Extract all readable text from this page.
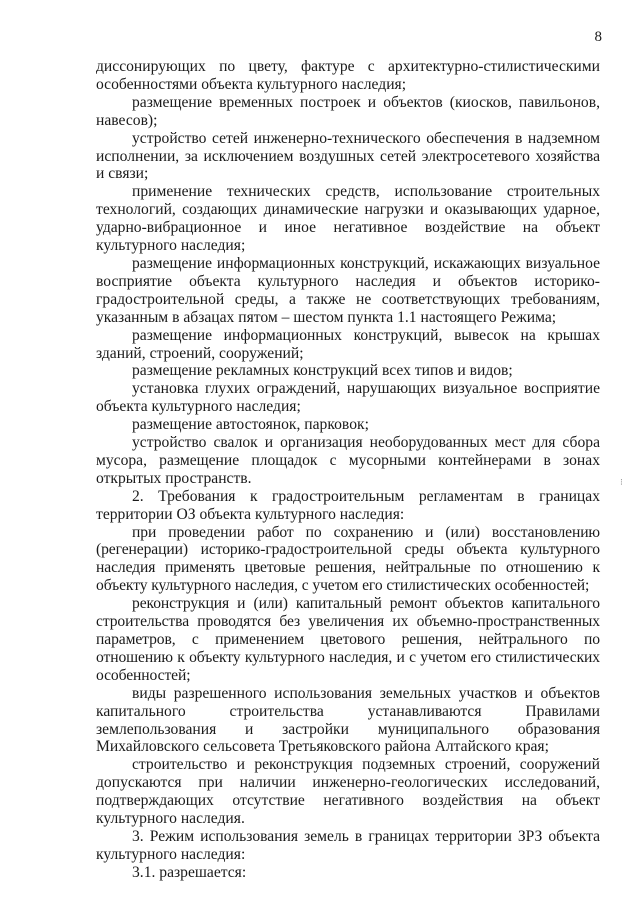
8

диссонирующих по цвету, фактуре с архитектурно-стилистическими особенностями объекта культурного наследия;

размещение временных построек и объектов (киосков, павильонов, навесов);

устройство сетей инженерно-технического обеспечения в надземном исполнении, за исключением воздушных сетей электросетевого хозяйства и связи;

применение технических средств, использование строительных технологий, создающих динамические нагрузки и оказывающих ударное, ударно-вибрационное и иное негативное воздействие на объект культурного наследия;

размещение информационных конструкций, искажающих визуальное восприятие объекта культурного наследия и объектов историко-градостроительной среды, а также не соответствующих требованиям, указанным в абзацах пятом – шестом пункта 1.1 настоящего Режима;

размещение информационных конструкций, вывесок на крышах зданий, строений, сооружений;

размещение рекламных конструкций всех типов и видов;

установка глухих ограждений, нарушающих визуальное восприятие объекта культурного наследия;

размещение автостоянок, парковок;

устройство свалок и организация необорудованных мест для сбора мусора, размещение площадок с мусорными контейнерами в зонах открытых пространств.

2. Требования к градостроительным регламентам в границах территории ОЗ объекта культурного наследия:

при проведении работ по сохранению и (или) восстановлению (регенерации) историко-градостроительной среды объекта культурного наследия применять цветовые решения, нейтральные по отношению к объекту культурного наследия, с учетом его стилистических особенностей;

реконструкция и (или) капитальный ремонт объектов капитального строительства проводятся без увеличения их объемно-пространственных параметров, с применением цветового решения, нейтрального по отношению к объекту культурного наследия, и с учетом его стилистических особенностей;

виды разрешенного использования земельных участков и объектов капитального строительства устанавливаются Правилами землепользования и застройки муниципального образования Михайловского сельсовета Третьяковского района Алтайского края;

строительство и реконструкция подземных строений, сооружений допускаются при наличии инженерно-геологических исследований, подтверждающих отсутствие негативного воздействия на объект культурного наследия.

3. Режим использования земель в границах территории ЗРЗ объекта культурного наследия:

3.1. разрешается:

⁝
